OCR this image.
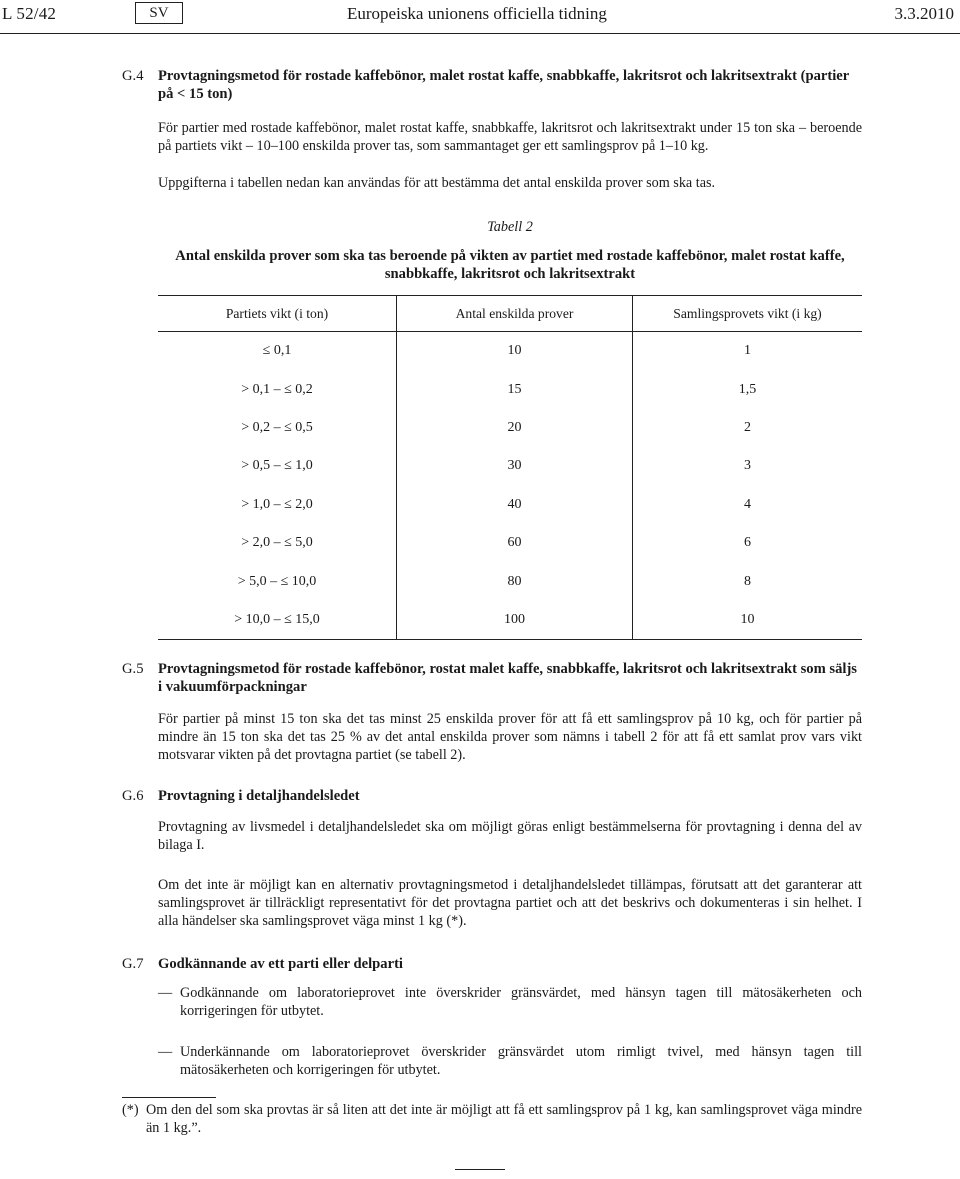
L 52/42	SV	Europeiska unionens officiella tidning	3.3.2010
G.4 Provtagningsmetod för rostade kaffebönor, malet rostat kaffe, snabbkaffe, lakritsrot och lakritsextrakt (partier på < 15 ton)

För partier med rostade kaffebönor, malet rostat kaffe, snabbkaffe, lakritsrot och lakritsextrakt under 15 ton ska – beroende på partiets vikt – 10–100 enskilda prover tas, som sammantaget ger ett samlingsprov på 1–10 kg.

Uppgifterna i tabellen nedan kan användas för att bestämma det antal enskilda prover som ska tas.

Tabell 2
Antal enskilda prover som ska tas beroende på vikten av partiet med rostade kaffebönor, malet rostat kaffe, snabbkaffe, lakritsrot och lakritsextrakt
Partiets vikt (i ton)	Antal enskilda prover	Samlingsprovets vikt (i kg)
≤ 0,1	10	1
> 0,1 – ≤ 0,2	15	1,5
> 0,2 – ≤ 0,5	20	2
> 0,5 – ≤ 1,0	30	3
> 1,0 – ≤ 2,0	40	4
> 2,0 – ≤ 5,0	60	6
> 5,0 – ≤ 10,0	80	8
> 10,0 – ≤ 15,0	100	10
G.5 Provtagningsmetod för rostade kaffebönor, rostat malet kaffe, snabbkaffe, lakritsrot och lakritsextrakt som säljs i vakuumförpackningar

För partier på minst 15 ton ska det tas minst 25 enskilda prover för att få ett samlingsprov på 10 kg, och för partier på mindre än 15 ton ska det tas 25 % av det antal enskilda prover som nämns i tabell 2 för att få ett samlat prov vars vikt motsvarar vikten på det provtagna partiet (se tabell 2).

G.6 Provtagning i detaljhandelsledet

Provtagning av livsmedel i detaljhandelsledet ska om möjligt göras enligt bestämmelserna för provtagning i denna del av bilaga I.

Om det inte är möjligt kan en alternativ provtagningsmetod i detaljhandelsledet tillämpas, förutsatt att det garanterar att samlingsprovet är tillräckligt representativt för det provtagna partiet och att det beskrivs och dokumenteras i sin helhet. I alla händelser ska samlingsprovet väga minst 1 kg (*).

G.7 Godkännande av ett parti eller delparti
— Godkännande om laboratorieprovet inte överskrider gränsvärdet, med hänsyn tagen till mätosäkerheten och korrigeringen för utbytet.
— Underkännande om laboratorieprovet överskrider gränsvärdet utom rimligt tvivel, med hänsyn tagen till mätosäkerheten och korrigeringen för utbytet.
(*) Om den del som ska provtas är så liten att det inte är möjligt att få ett samlingsprov på 1 kg, kan samlingsprovet väga mindre än 1 kg.”.
